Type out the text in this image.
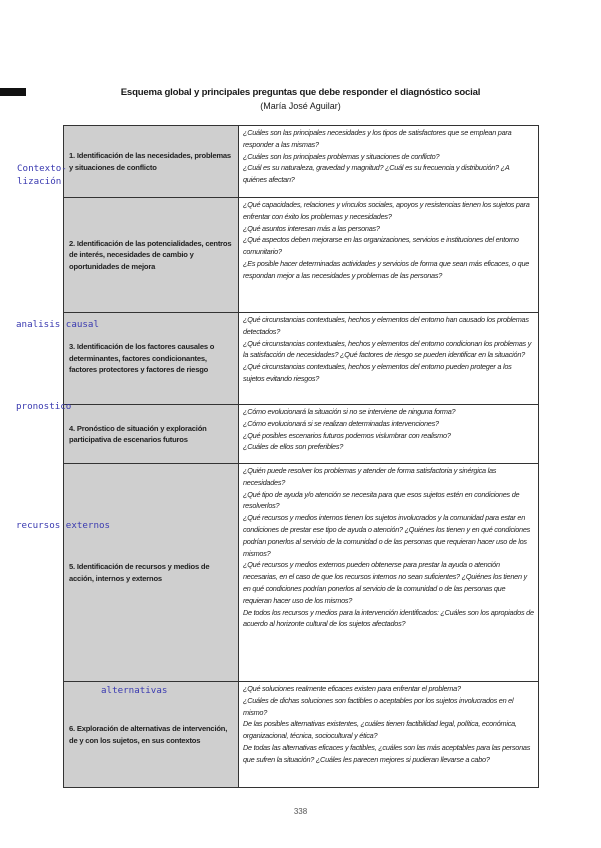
Esquema global y principales preguntas que debe responder el diagnóstico social
(María José Aguilar)
1. Identificación de las necesidades, problemas y situaciones de conflicto

¿Cuáles son las principales necesidades y los tipos de satisfactores que se emplean para responder a las mismas?

¿Cuáles son los principales problemas y situaciones de conflicto?

¿Cuál es su naturaleza, gravedad y magnitud? ¿Cuál es su frecuencia y distribución? ¿A quiénes afectan?

2. Identificación de las potencialidades, centros de interés, necesidades de cambio y oportunidades de mejora

¿Qué capacidades, relaciones y vínculos sociales, apoyos y resistencias tienen los sujetos para enfrentar con éxito los problemas y necesidades?

¿Qué asuntos interesan más a las personas?

¿Qué aspectos deben mejorarse en las organizaciones, servicios e instituciones del entorno comunitario?

¿Es posible hacer determinadas actividades y servicios de forma que sean más eficaces, o que respondan mejor a las necesidades y problemas de las personas?

3. Identificación de los factores causales o determinantes, factores condicionantes, factores protectores y factores de riesgo

¿Qué circunstancias contextuales, hechos y elementos del entorno han causado los problemas detectados?

¿Qué circunstancias contextuales, hechos y elementos del entorno condicionan los problemas y la satisfacción de necesidades? ¿Qué factores de riesgo se pueden identificar en la situación?

¿Qué circunstancias contextuales, hechos y elementos del entorno pueden proteger a los sujetos evitando riesgos?

4. Pronóstico de situación y exploración participativa de escenarios futuros

¿Cómo evolucionará la situación si no se interviene de ninguna forma?

¿Cómo evolucionará si se realizan determinadas intervenciones?

¿Qué posibles escenarios futuros podemos vislumbrar con realismo?

¿Cuáles de ellos son preferibles?

5. Identificación de recursos y medios de acción, internos y externos

¿Quién puede resolver los problemas y atender de forma satisfactoria y sinérgica las necesidades?

¿Qué tipo de ayuda y/o atención se necesita para que esos sujetos estén en condiciones de resolverlos?

¿Qué recursos y medios internos tienen los sujetos involucrados y la comunidad para estar en condiciones de prestar ese tipo de ayuda o atención? ¿Quiénes los tienen y en qué condiciones podrían ponerlos al servicio de la comunidad o de las personas que requieran hacer uso de los mismos?

¿Qué recursos y medios externos pueden obtenerse para prestar la ayuda o atención necesarias, en el caso de que los recursos internos no sean suficientes? ¿Quiénes los tienen y en qué condiciones podrían ponerlos al servicio de la comunidad o de las personas que requieran hacer uso de los mismos?

De todos los recursos y medios para la intervención identificados: ¿Cuáles son los apropiados de acuerdo al horizonte cultural de los sujetos afectados?

6. Exploración de alternativas de intervención, de y con los sujetos, en sus contextos

¿Qué soluciones realmente eficaces existen para enfrentar el problema?

¿Cuáles de dichas soluciones son factibles o aceptables por los sujetos involucrados en el mismo?

De las posibles alternativas existentes, ¿cuáles tienen factibilidad legal, política, económica, organizacional, técnica, sociocultural y ética?

De todas las alternativas eficaces y factibles, ¿cuáles son las más aceptables para las personas que sufren la situación? ¿Cuáles les parecen mejores si pudieran llevarse a cabo?

Contexto-
lización
analisis causal
pronostico
recursos externos
alternativas
338
